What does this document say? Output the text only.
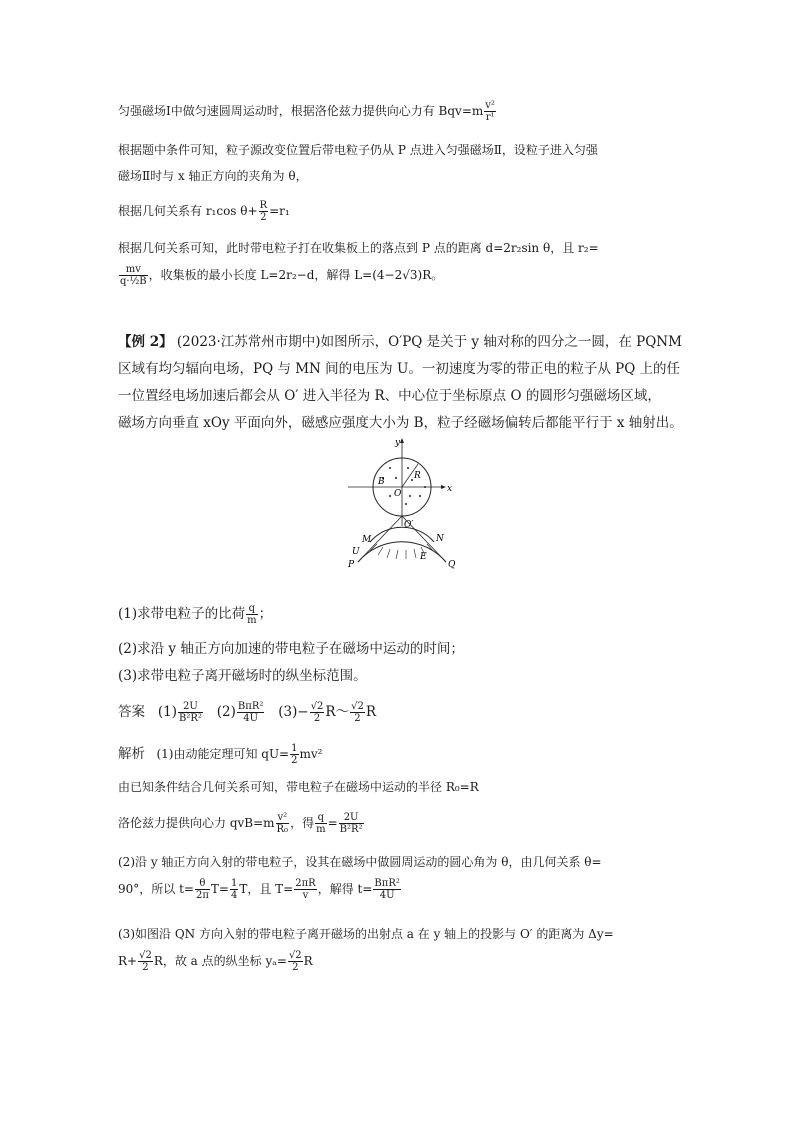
匀强磁场Ⅰ中做匀速圆周运动时，根据洛伦兹力提供向心力有 $Bqv=m \frac{\text{v²}}{\text{r¹}}$
根据题中条件可知，粒子源改变位置后带电粒子仍从 P 点进入匀强磁场Ⅱ，设粒子进入匀强
磁场Ⅱ时与 x 轴正方向的夹角为 θ，
根据几何关系有 r₁cos $\theta+ \frac{R}{2} =r_1$
根据几何关系可知，此时带电粒子打在收集板上的落点到 P 点的距离 d=2r₂sin θ，且 r₂=
$\frac{mv}{\text{q·½B}}$ ，收集板的最小长度 L=2r₂−d，解得 L=(4−2√3)R。
【例 2】 (2023·江苏常州市期中)如图所示，O′PQ 是关于 y 轴对称的四分之一圆，在 PQNM
区域有均匀辐向电场，PQ 与 MN 间的电压为 U。一初速度为零的带正电的粒子从 PQ 上的任
一位置经电场加速后都会从 O′ 进入半径为 R、中心位于坐标原点 O 的圆形匀强磁场区域，
磁场方向垂直 xOy 平面向外，磁感应强度大小为 B，粒子经磁场偏转后都能平行于 x 轴射出。
y
x
B
R
O
O′
M	N
U
P	Q
E
(1)求带电粒子的比荷 $\frac{q}{m}$ ；
(2)求沿 y 轴正方向加速的带电粒子在磁场中运动的时间；
(3)求带电粒子离开磁场时的纵坐标范围。
答案 $(1) \frac{2U}{\text{B²R²}} (2) \frac{\text{BπR²}}{4U} (3)- \frac{√2}{2}$ R～ $\frac{√2}{2}$ R
解析 (1)由动能定理可知 $qU= \frac{1}{2} mv^2$
由已知条件结合几何关系可知，带电粒子在磁场中运动的半径 R₀=R
洛伦兹力提供向心力 $qvB=m \frac{\text{v²}}{\text{R₀}}$ ，得 $\frac{q}{m} = \frac{2U}{\text{B²R²}}$
(2)沿 y 轴正方向入射的带电粒子，设其在磁场中做圆周运动的圆心角为 θ，由几何关系 θ=
90°，所以 $t= \frac{\theta}{2\pi} T= \frac{1}{4}$ T，且 $T= \frac{2\pi R}{v}$ ，解得 $t= \frac{\text{BπR²}}{4U}$
(3)如图沿 QN 方向入射的带电粒子离开磁场的出射点 a 在 y 轴上的投影与 O′ 的距离为 Δy=
$R+ \frac{√2}{2}$ R，故 a 点的纵坐标 $y_a= \frac{√2}{2}$ R
